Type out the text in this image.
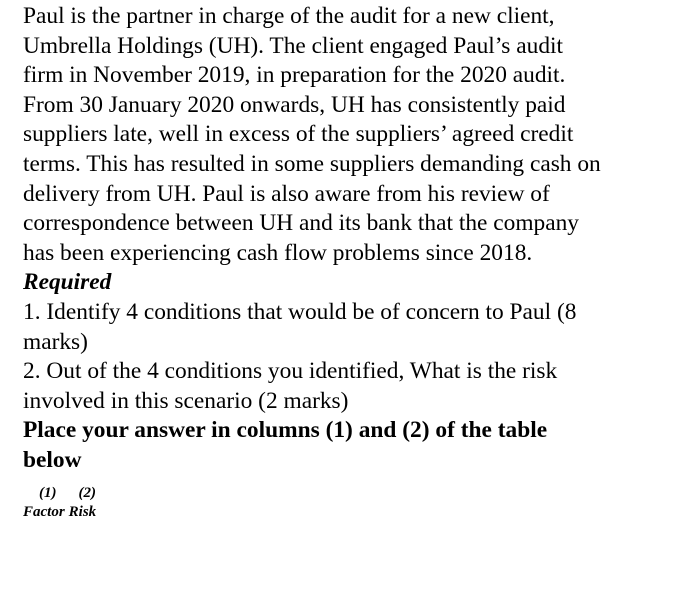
Paul is the partner in charge of the audit for a new client,
Umbrella Holdings (UH). The client engaged Paul’s audit
firm in November 2019, in preparation for the 2020 audit.
From 30 January 2020 onwards, UH has consistently paid
suppliers late, well in excess of the suppliers’ agreed credit
terms. This has resulted in some suppliers demanding cash on
delivery from UH. Paul is also aware from his review of
correspondence between UH and its bank that the company
has been experiencing cash flow problems since 2018.

Required

1. Identify 4 conditions that would be of concern to Paul (8
marks)

2. Out of the 4 conditions you identified, What is the risk
involved in this scenario (2 marks)

Place your answer in columns (1) and (2) of the table
below

(1) (2)
Factor Risk
